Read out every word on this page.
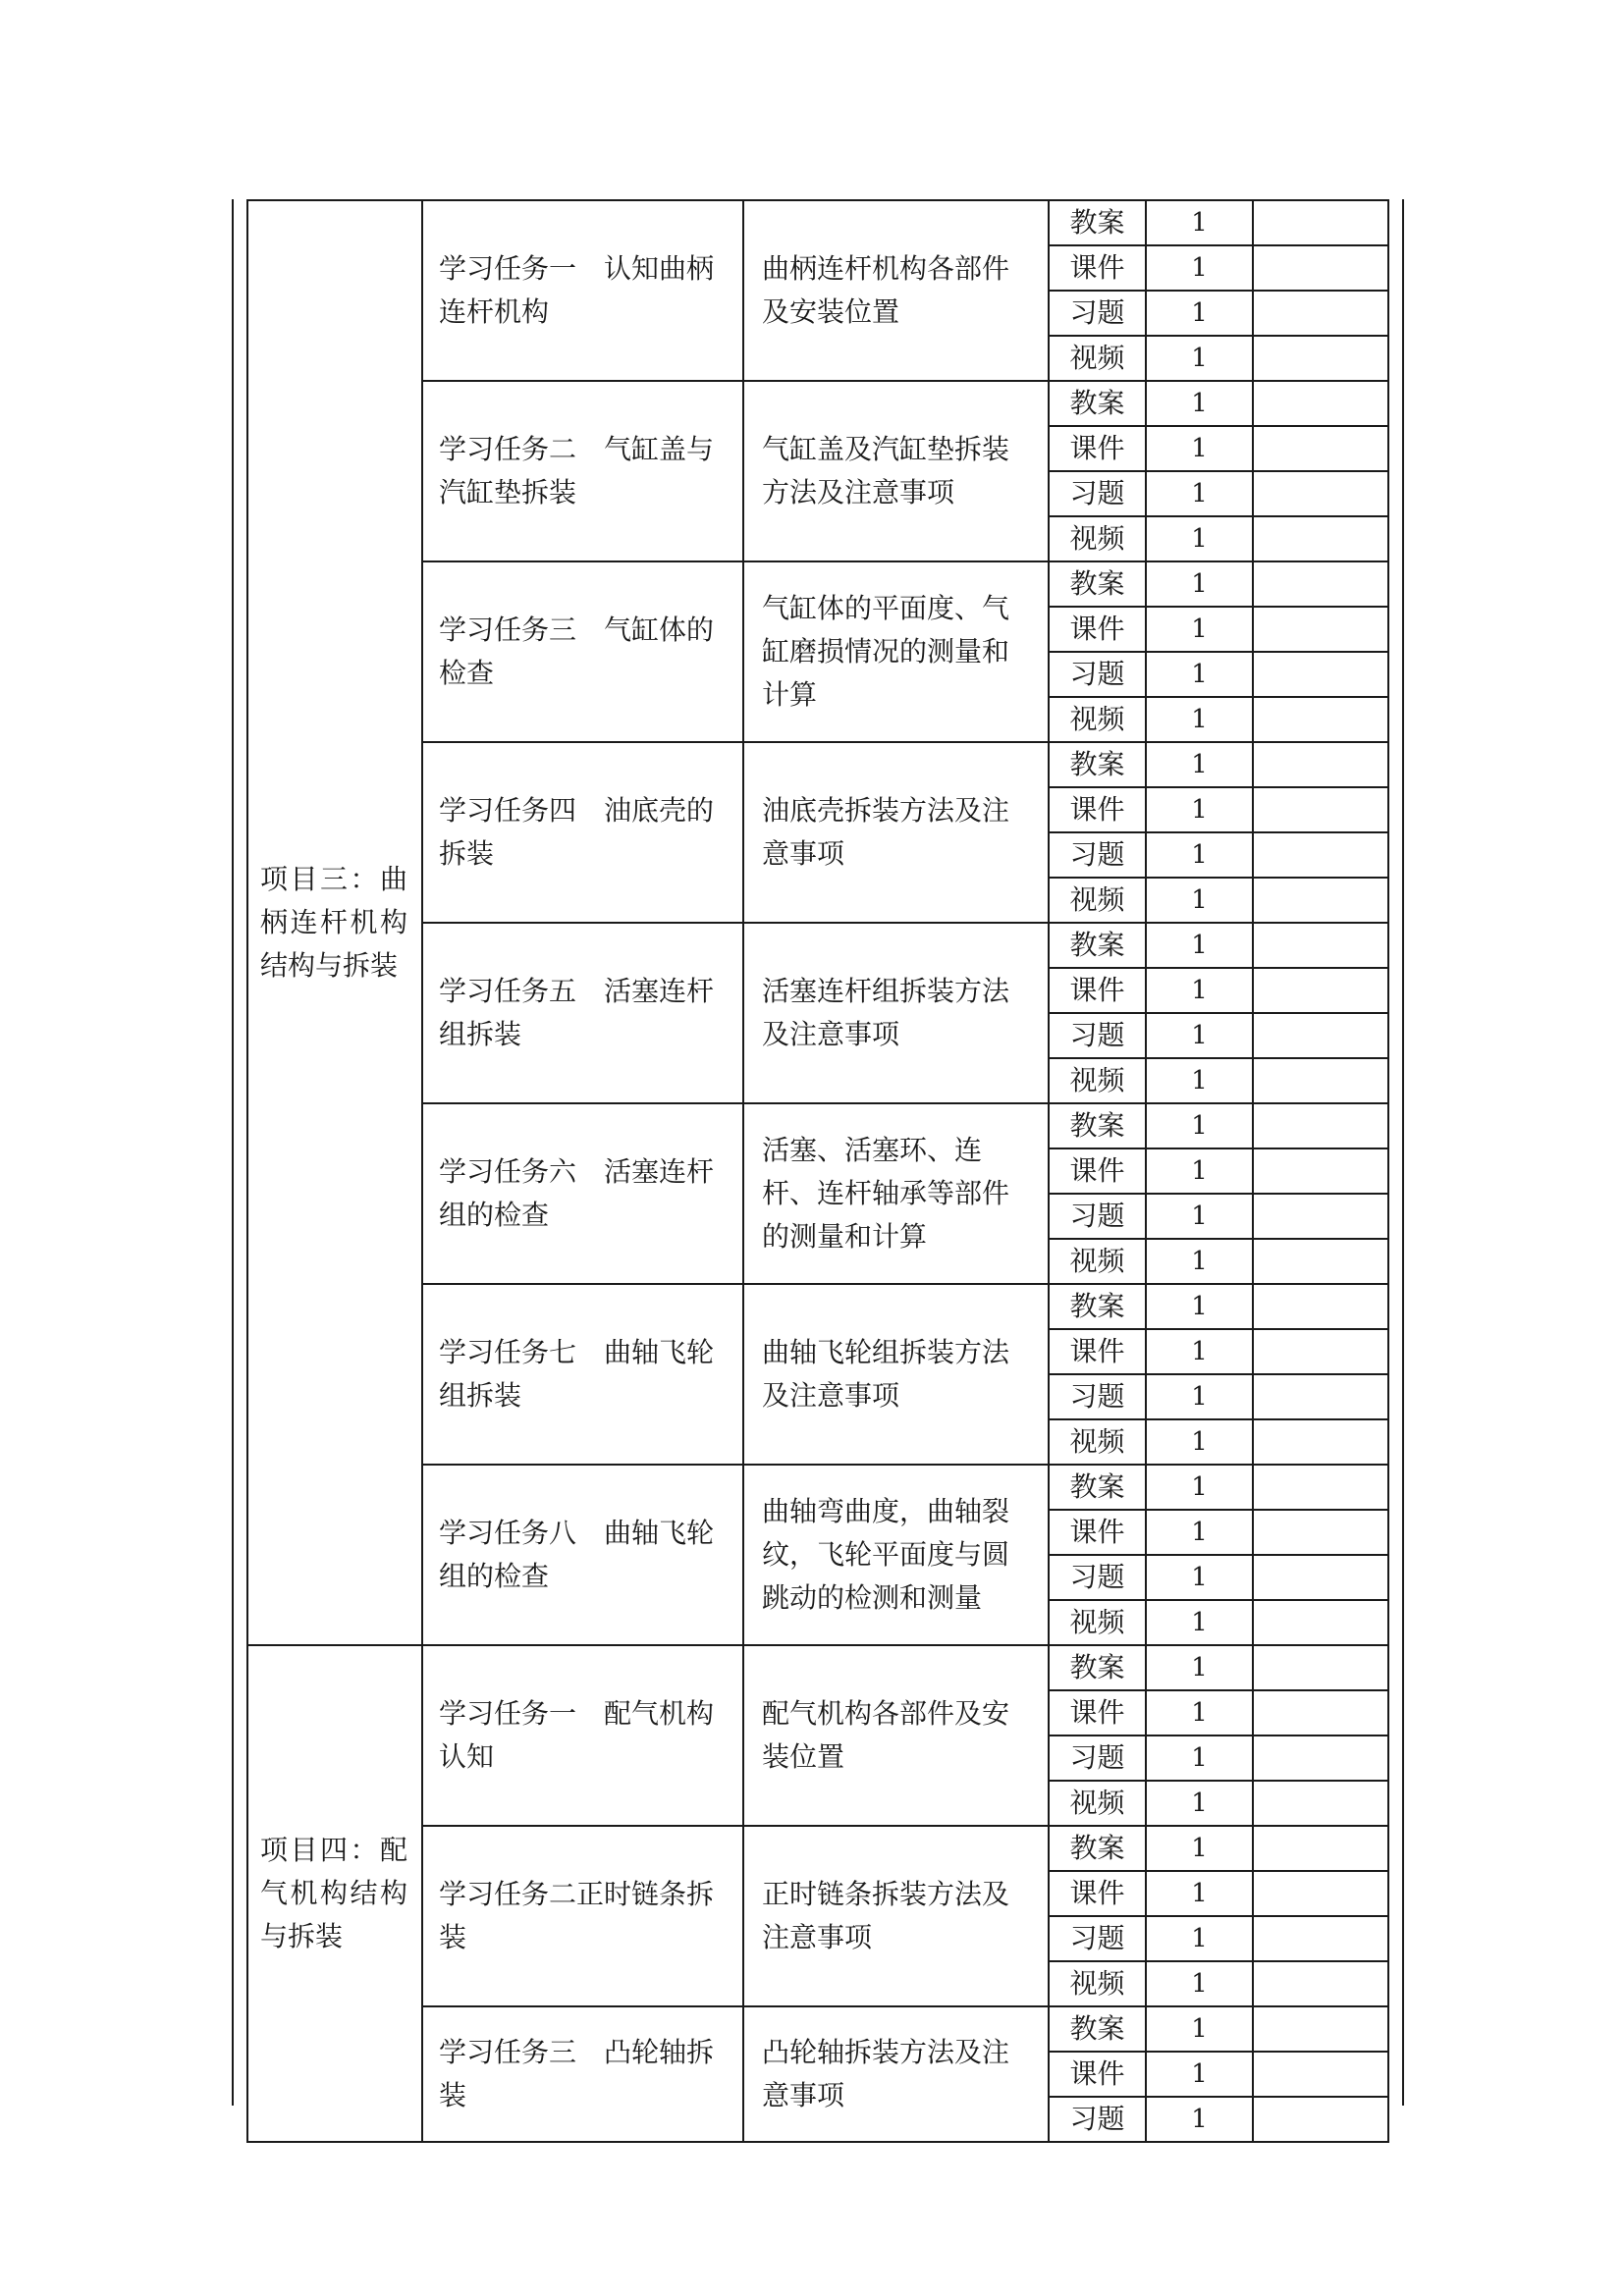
项目三：曲柄连杆机构结构与拆装	学习任务一　认知曲柄连杆机构	曲柄连杆机构各部件及安装位置	教案	1	
			课件	1	
			习题	1	
			视频	1	
	学习任务二　气缸盖与汽缸垫拆装	气缸盖及汽缸垫拆装方法及注意事项	教案	1	
			课件	1	
			习题	1	
			视频	1	
	学习任务三　气缸体的检查	气缸体的平面度、气缸磨损情况的测量和计算	教案	1	
			课件	1	
			习题	1	
			视频	1	
	学习任务四　油底壳的拆装	油底壳拆装方法及注意事项	教案	1	
			课件	1	
			习题	1	
			视频	1	
	学习任务五　活塞连杆组拆装	活塞连杆组拆装方法及注意事项	教案	1	
			课件	1	
			习题	1	
			视频	1	
	学习任务六　活塞连杆组的检查	活塞、活塞环、连杆、连杆轴承等部件的测量和计算	教案	1	
			课件	1	
			习题	1	
			视频	1	
	学习任务七　曲轴飞轮组拆装	曲轴飞轮组拆装方法及注意事项	教案	1	
			课件	1	
			习题	1	
			视频	1	
	学习任务八　曲轴飞轮组的检查	曲轴弯曲度，曲轴裂纹，飞轮平面度与圆跳动的检测和测量	教案	1	
			课件	1	
			习题	1	
			视频	1	
项目四：配气机构结构与拆装	学习任务一　配气机构认知	配气机构各部件及安装位置	教案	1	
			课件	1	
			习题	1	
			视频	1	
	学习任务二正时链条拆装	正时链条拆装方法及注意事项	教案	1	
			课件	1	
			习题	1	
			视频	1	
	学习任务三　凸轮轴拆装	凸轮轴拆装方法及注意事项	教案	1	
			课件	1	
			习题	1	
